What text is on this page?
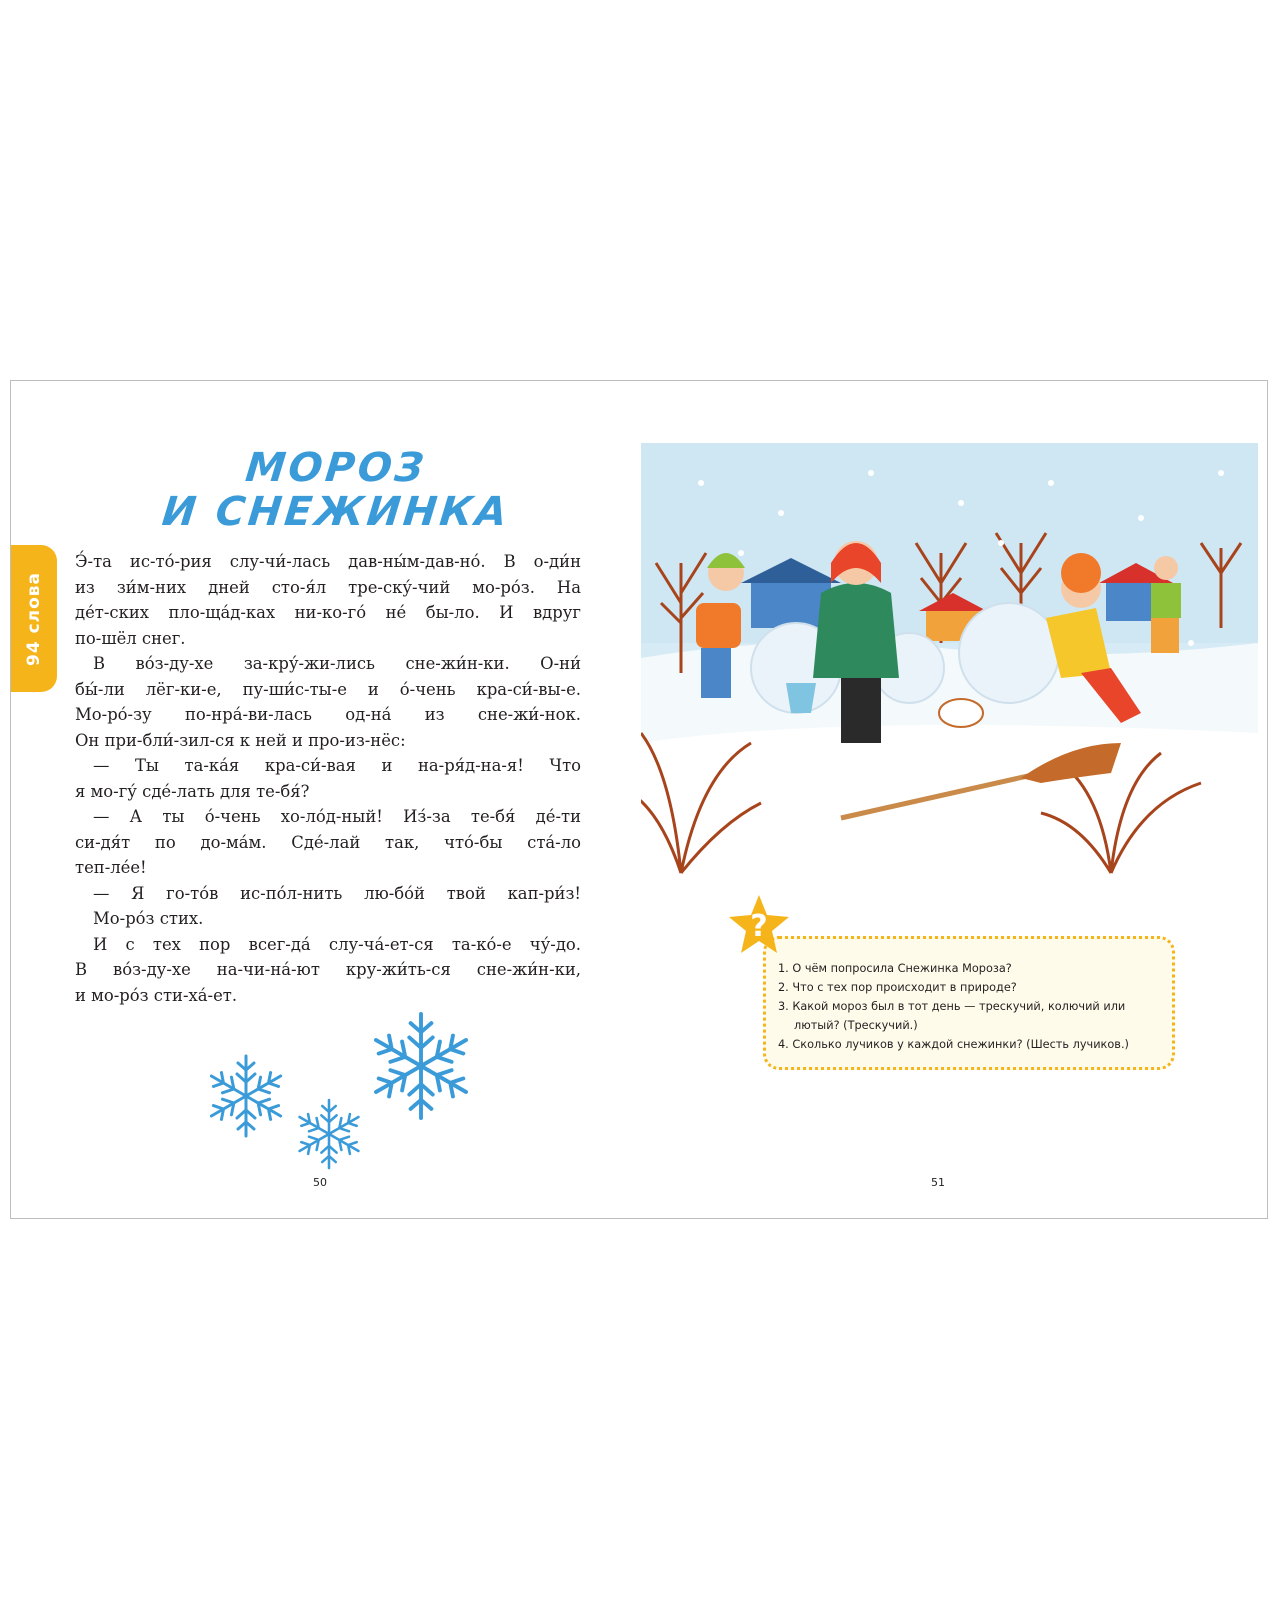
94 слова
МОРОЗ
И СНЕЖИНКА

Э́-та ис-то́-рия слу-чи́-лась дав-ны́м-дав-но́. В о-ди́н

из зи́м-них дней сто-я́л тре-ску́-чий мо-ро́з. На

де́т-ских пло-ща́д-ках ни-ко-го́ не́ бы-ло. И вдруг

по-шёл снег.

В во́з-ду-хе за-кру́-жи-лись сне-жи́н-ки. О-ни́

бы́-ли лёг-ки-е, пу-ши́с-ты-е и о́-чень кра-си́-вы-е.

Мо-ро́-зу по-нра́-ви-лась од-на́ из сне-жи́-нок.

Он при-бли́-зил-ся к ней и про-из-нёс:

— Ты та-ка́я кра-си́-вая и на-ря́д-на-я! Что

я мо-гу́ сде́-лать для те-бя́?

— А ты о́-чень хо-ло́д-ный! Из́-за те-бя́ де́-ти

си-дя́т по до-ма́м. Сде́-лай так, что́-бы ста́-ло

теп-ле́е!

— Я го-то́в ис-по́л-нить лю-бо́й твой кап-ри́з!

Мо-ро́з стих.

И с тех пор всег-да́ слу-ча́-ет-ся та-ко́-е чу́-до.

В во́з-ду-хе на-чи-на́-ют кру-жи́ть-ся сне-жи́н-ки,

и мо-ро́з сти-ха́-ет.

50
1. О чём попросила Снежинка Мороза?
2. Что с тех пор происходит в природе?
3. Какой мороз был в тот день — трескучий, колючий или
лютый? (Трескучий.)
4. Сколько лучиков у каждой снежинки? (Шесть лучиков.)
?
51
